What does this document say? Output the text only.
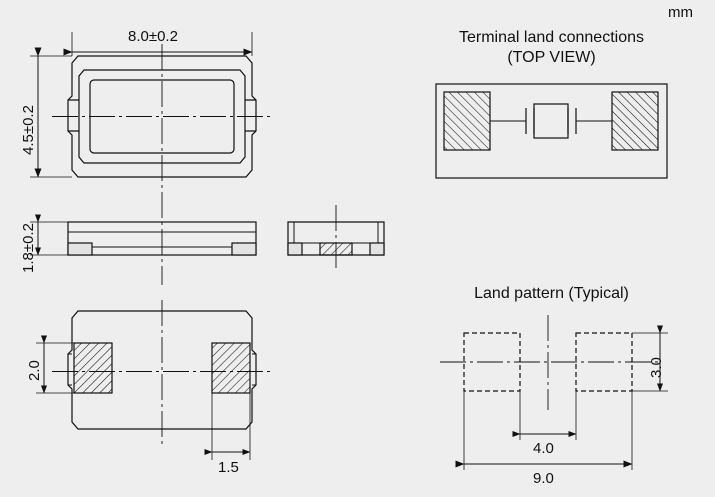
mm
8.0±0.2
4.5±0.2
1.8±0.2
2.0
1.5
Terminal land connections
(TOP VIEW)
Land pattern (Typical)
3.0
4.0
9.0
